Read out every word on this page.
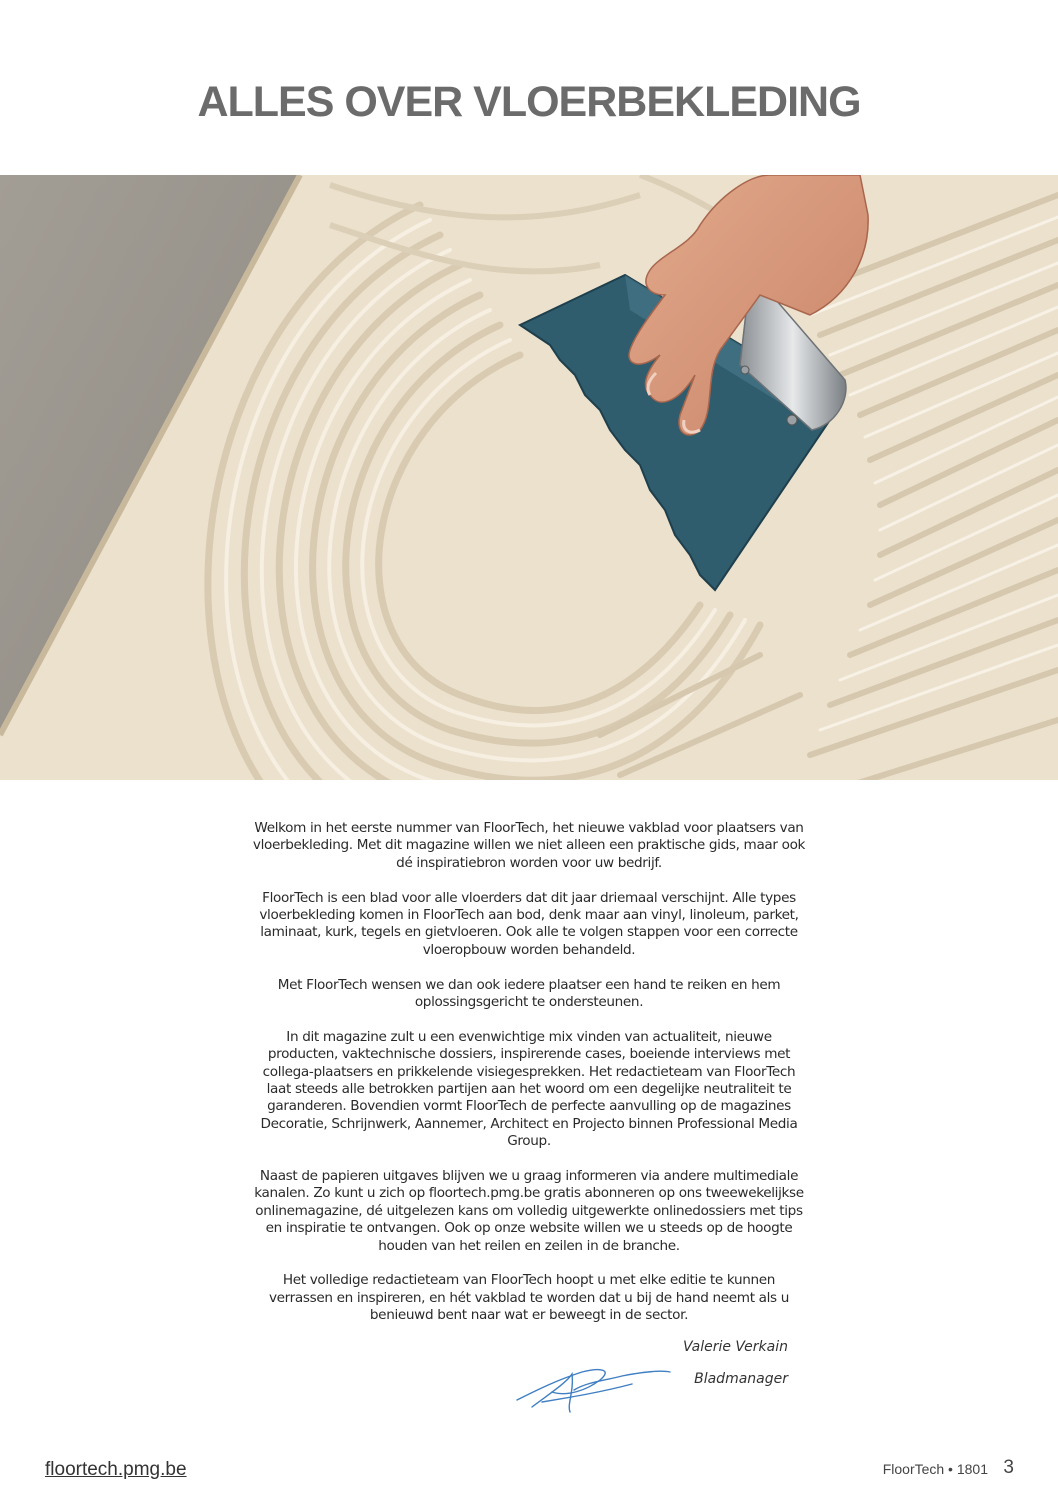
ALLES OVER VLOERBEKLEDING

Welkom in het eerste nummer van FloorTech, het nieuwe vakblad voor plaatsers van vloerbekleding. Met dit magazine willen we niet alleen een praktische gids, maar ook dé inspiratiebron worden voor uw bedrijf.

FloorTech is een blad voor alle vloerders dat dit jaar driemaal verschijnt. Alle types vloerbekleding komen in FloorTech aan bod, denk maar aan vinyl, linoleum, parket, laminaat, kurk, tegels en gietvloeren. Ook alle te volgen stappen voor een correcte vloeropbouw worden behandeld.

Met FloorTech wensen we dan ook iedere plaatser een hand te reiken en hem oplossingsgericht te ondersteunen.

In dit magazine zult u een evenwichtige mix vinden van actualiteit, nieuwe producten, vaktechnische dossiers, inspirerende cases, boeiende interviews met collega-plaatsers en prikkelende visiegesprekken. Het redactieteam van FloorTech laat steeds alle betrokken partijen aan het woord om een degelijke neutraliteit te garanderen. Bovendien vormt FloorTech de perfecte aanvulling op de magazines Decoratie, Schrijnwerk, Aannemer, Architect en Projecto binnen Professional Media Group.

Naast de papieren uitgaves blijven we u graag informeren via andere multimediale kanalen. Zo kunt u zich op floortech.pmg.be gratis abonneren op ons tweewekelijkse onlinemagazine, dé uitgelezen kans om volledig uitgewerkte onlinedossiers met tips en inspiratie te ontvangen. Ook op onze website willen we u steeds op de hoogte houden van het reilen en zeilen in de branche.

Het volledige redactieteam van FloorTech hoopt u met elke editie te kunnen verrassen en inspireren, en hét vakblad te worden dat u bij de hand neemt als u benieuwd bent naar wat er beweegt in de sector.

Valerie Verkain
Bladmanager
floortech.pmg.be	FloorTech • 1801 3
